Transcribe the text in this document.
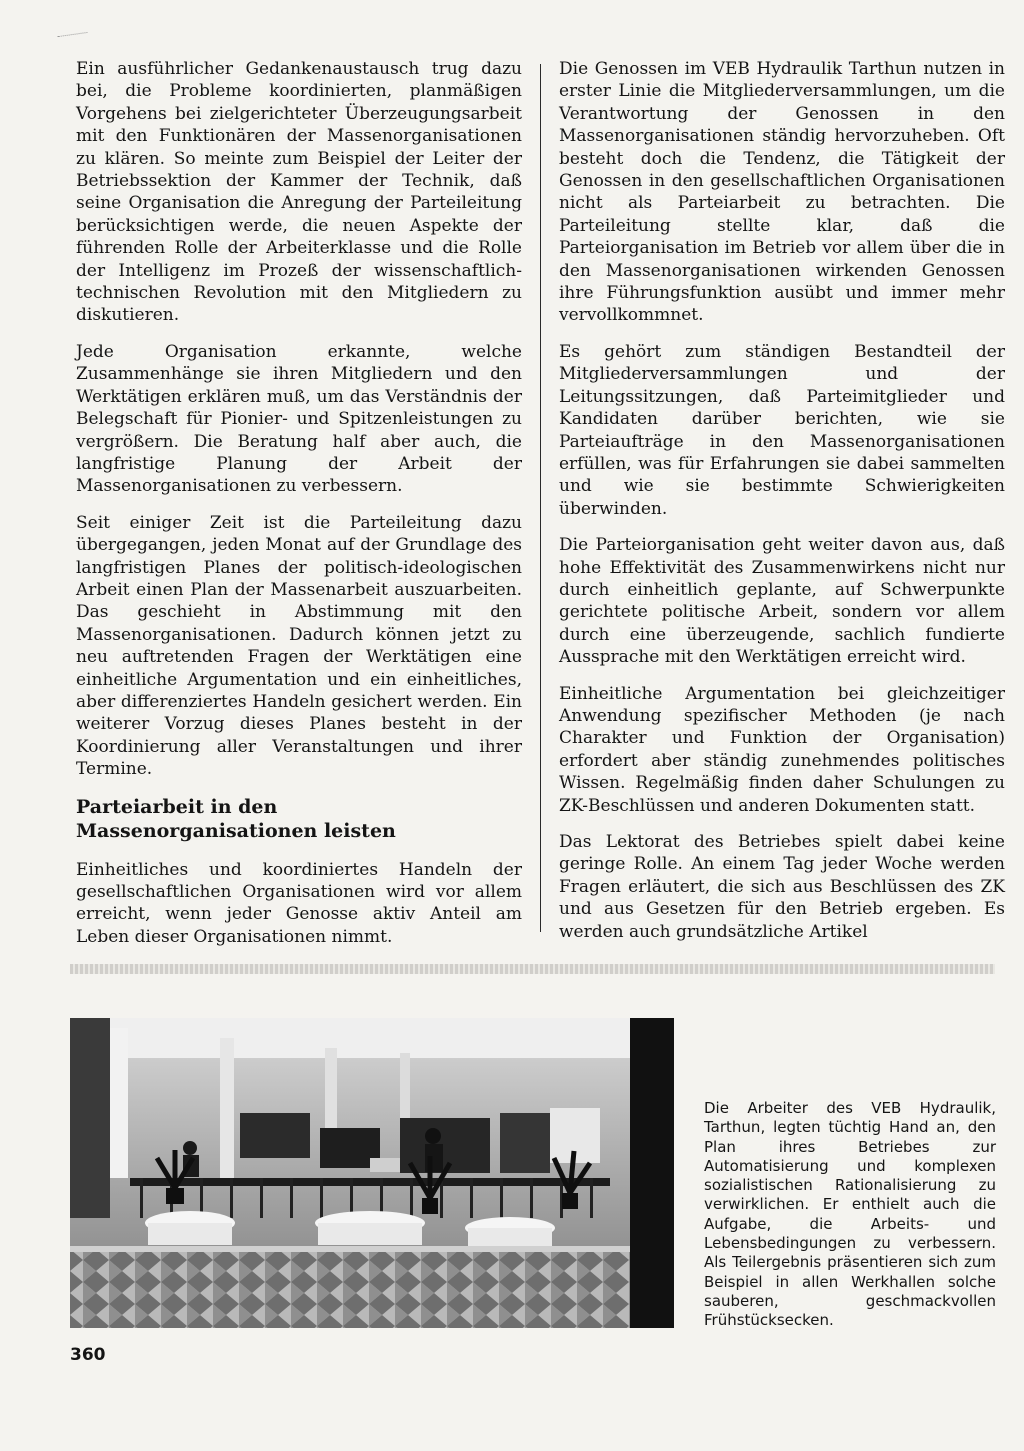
Ein ausführlicher Gedankenaustausch trug dazu bei, die Probleme koordinierten, planmäßigen Vorgehens bei zielgerichteter Überzeugungsarbeit mit den Funktionären der Massenorganisationen zu klären. So meinte zum Beispiel der Leiter der Betriebssektion der Kammer der Technik, daß seine Organisation die Anregung der Parteileitung berücksichtigen werde, die neuen Aspekte der führenden Rolle der Arbeiterklasse und die Rolle der Intelligenz im Prozeß der wissenschaftlich-technischen Revolution mit den Mitgliedern zu diskutieren.

Jede Organisation erkannte, welche Zusammenhänge sie ihren Mitgliedern und den Werktätigen erklären muß, um das Verständnis der Belegschaft für Pionier- und Spitzenleistungen zu vergrößern. Die Beratung half aber auch, die langfristige Planung der Arbeit der Massenorganisationen zu verbessern.

Seit einiger Zeit ist die Parteileitung dazu übergegangen, jeden Monat auf der Grundlage des langfristigen Planes der politisch-ideologischen Arbeit einen Plan der Massenarbeit auszuarbeiten. Das geschieht in Abstimmung mit den Massenorganisationen. Dadurch können jetzt zu neu auftretenden Fragen der Werktätigen eine einheitliche Argumentation und ein einheitliches, aber differenziertes Handeln gesichert werden. Ein weiterer Vorzug dieses Planes besteht in der Koordinierung aller Veranstaltungen und ihrer Termine.

Parteiarbeit in den Massenorganisationen leisten

Einheitliches und koordiniertes Handeln der gesellschaftlichen Organisationen wird vor allem erreicht, wenn jeder Genosse aktiv Anteil am Leben dieser Organisationen nimmt.

Die Genossen im VEB Hydraulik Tarthun nutzen in erster Linie die Mitgliederversammlungen, um die Verantwortung der Genossen in den Massenorganisationen ständig hervorzuheben. Oft besteht doch die Tendenz, die Tätigkeit der Genossen in den gesellschaftlichen Organisationen nicht als Parteiarbeit zu betrachten. Die Parteileitung stellte klar, daß die Parteiorganisation im Betrieb vor allem über die in den Massenorganisationen wirkenden Genossen ihre Führungsfunktion ausübt und immer mehr vervollkommnet.

Es gehört zum ständigen Bestandteil der Mitgliederversammlungen und der Leitungssitzungen, daß Parteimitglieder und Kandidaten darüber berichten, wie sie Parteiaufträge in den Massenorganisationen erfüllen, was für Erfahrungen sie dabei sammelten und wie sie bestimmte Schwierigkeiten überwinden.

Die Parteiorganisation geht weiter davon aus, daß hohe Effektivität des Zusammenwirkens nicht nur durch einheitlich geplante, auf Schwerpunkte gerichtete politische Arbeit, sondern vor allem durch eine überzeugende, sachlich fundierte Aussprache mit den Werktätigen erreicht wird.

Einheitliche Argumentation bei gleichzeitiger Anwendung spezifischer Methoden (je nach Charakter und Funktion der Organisation) erfordert aber ständig zunehmendes politisches Wissen. Regelmäßig finden daher Schulungen zu ZK-Beschlüssen und anderen Dokumenten statt.

Das Lektorat des Betriebes spielt dabei keine geringe Rolle. An einem Tag jeder Woche werden Fragen erläutert, die sich aus Beschlüssen des ZK und aus Gesetzen für den Betrieb ergeben. Es werden auch grundsätzliche Artikel

Die Arbeiter des VEB Hydraulik, Tarthun, legten tüchtig Hand an, den Plan ihres Betriebes zur Automatisierung und komplexen sozialistischen Rationalisierung zu verwirklichen. Er enthielt auch die Aufgabe, die Arbeits- und Lebensbedingungen zu verbessern. Als Teilergebnis präsentieren sich zum Beispiel in allen Werkhallen solche sauberen, geschmackvollen Frühstücksecken.
360
